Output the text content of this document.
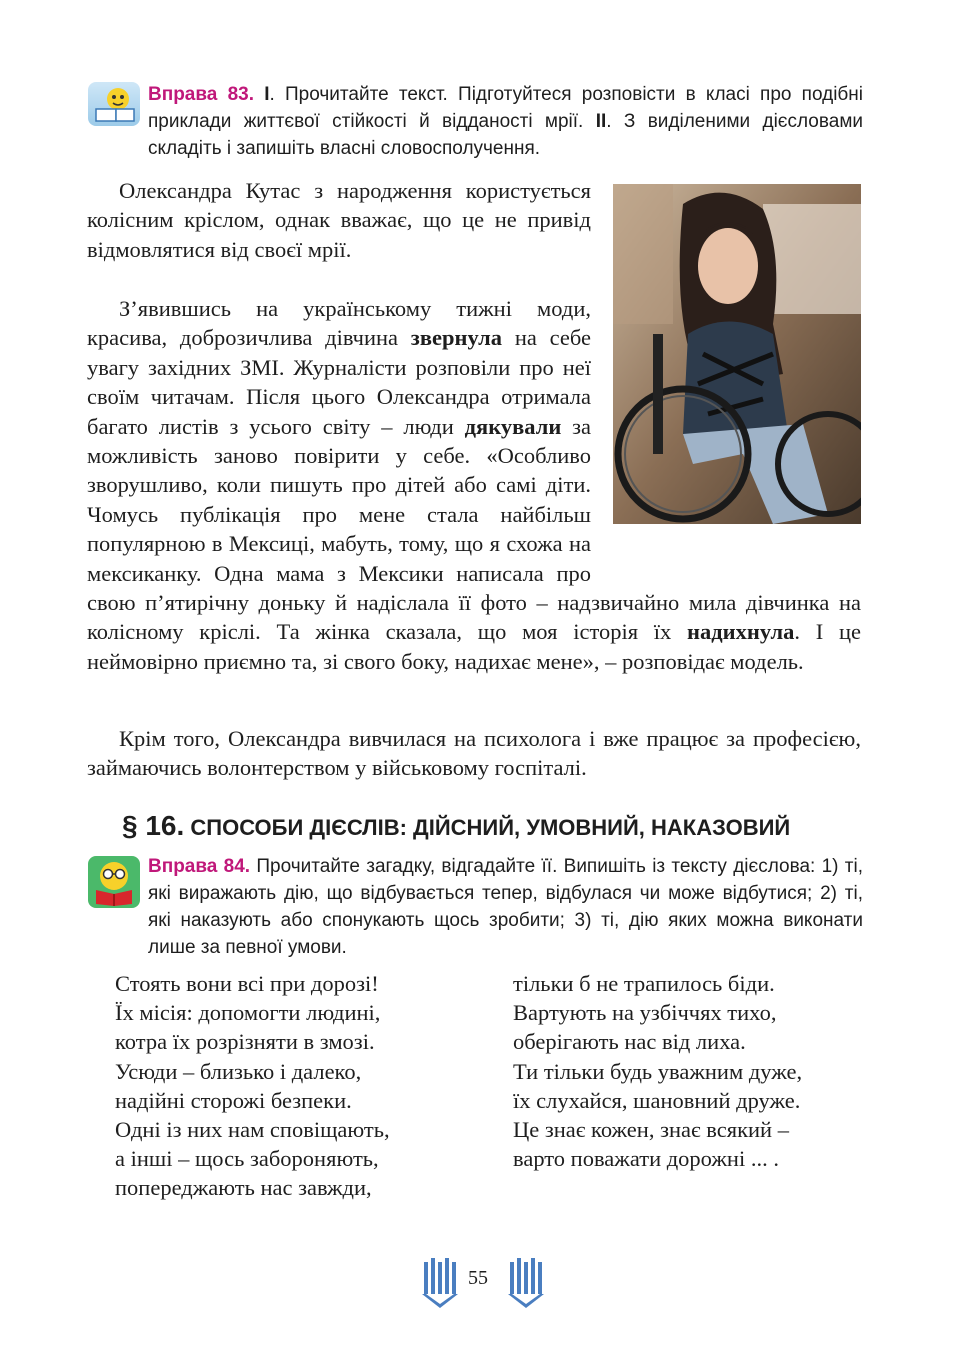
Вправа 83. І. Прочитайте текст. Підготуйтеся розповісти в класі про подібні приклади життєвої стійкості й відданості мрії. ІІ. З виділеними дієсловами складіть і запишіть власні словосполучення.
Олександра Кутас з народження користується колісним кріслом, однак вважає, що це не привід відмовлятися від своєї мрії.
З’явившись на українському тижні моди, красива, доброзичлива дівчина звернула на себе увагу західних ЗМІ. Журналісти розповіли про неї своїм читачам. Після цього Олександра отримала багато листів з усього світу – люди дякували за можливість заново повірити у себе. «Особливо зворушливо, коли пишуть про дітей або самі діти. Чомусь публікація про мене стала найбільш популярною в Мексиці, мабуть, тому, що я схожа на мексиканку. Одна мама з Мексики написала про свою п’ятирічну доньку й надіслала її фото – надзвичайно мила дівчинка на колісному кріслі. Та жінка сказала, що моя історія їх надихнула. І це неймовірно приємно та, зі свого боку, надихає мене», – розповідає модель.
Крім того, Олександра вивчилася на психолога і вже працює за професією, займаючись волонтерством у військовому госпіталі.
§ 16. СПОСОБИ ДІЄСЛІВ: ДІЙСНИЙ, УМОВНИЙ, НАКАЗОВИЙ
Вправа 84. Прочитайте загадку, відгадайте її. Випишіть із тексту дієслова: 1) ті, які виражають дію, що відбувається тепер, відбулася чи може відбутися; 2) ті, які наказують або спонукають щось зробити; 3) ті, дію яких можна виконати лише за певної умови.
Стоять вони всі при дорозі!
Їх місія: допомогти людині,
котра їх розрізняти в змозі.
Усюди – близько і далеко,
надійні сторожі безпеки.
Одні із них нам сповіщають,
а інші – щось забороняють,
попереджають нас завжди,
тільки б не трапилось біди.
Вартують на узбіччях тихо,
оберігають нас від лиха.
Ти тільки будь уважним дуже,
їх слухайся, шановний друже.
Це знає кожен, знає всякий –
варто поважати дорожні ... .
55
